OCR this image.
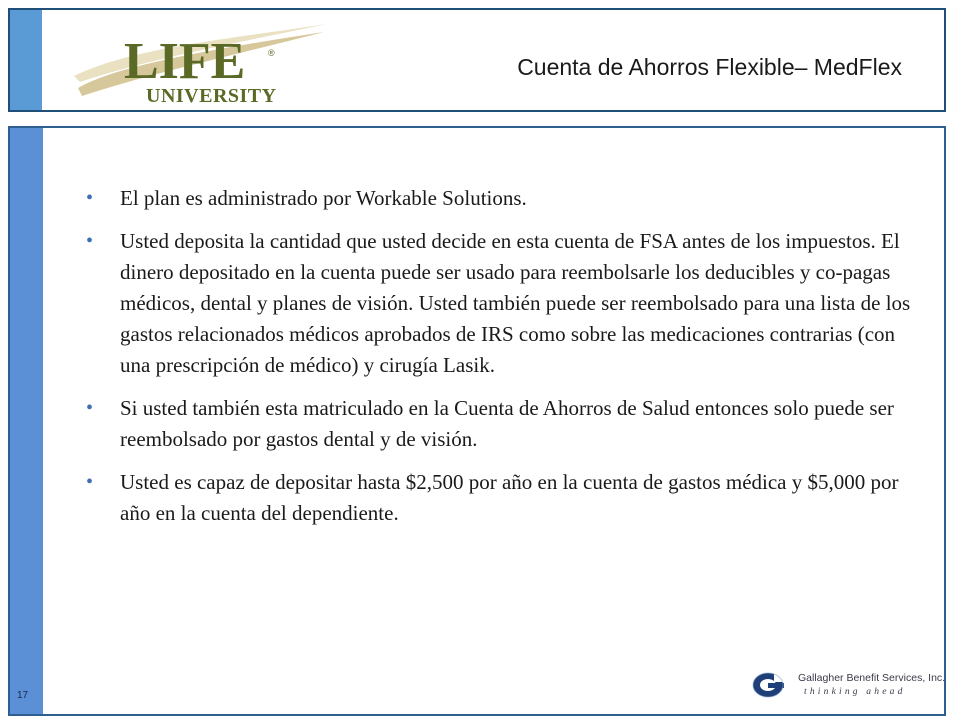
LIFE	®
UNIVERSITY
Cuenta de Ahorros Flexible– MedFlex
• El plan es administrado por Workable Solutions.
• Usted deposita la cantidad que usted decide en esta cuenta de FSA antes de los impuestos. El dinero depositado en la cuenta puede ser usado para reembolsarle los deducibles y co-pagas médicos, dental y planes de visión. Usted también puede ser reembolsado para una lista de los gastos relacionados médicos aprobados de IRS como sobre las medicaciones contrarias (con una prescripción de médico) y cirugía Lasik.
• Si usted también esta matriculado en la Cuenta de Ahorros de Salud entonces solo puede ser reembolsado por gastos dental y de visión.
• Usted es capaz de depositar hasta $2,500 por año en la cuenta de gastos médica y $5,000 por año en la cuenta del dependiente.
17
Gallagher Benefit Services, Inc.
thinking ahead
